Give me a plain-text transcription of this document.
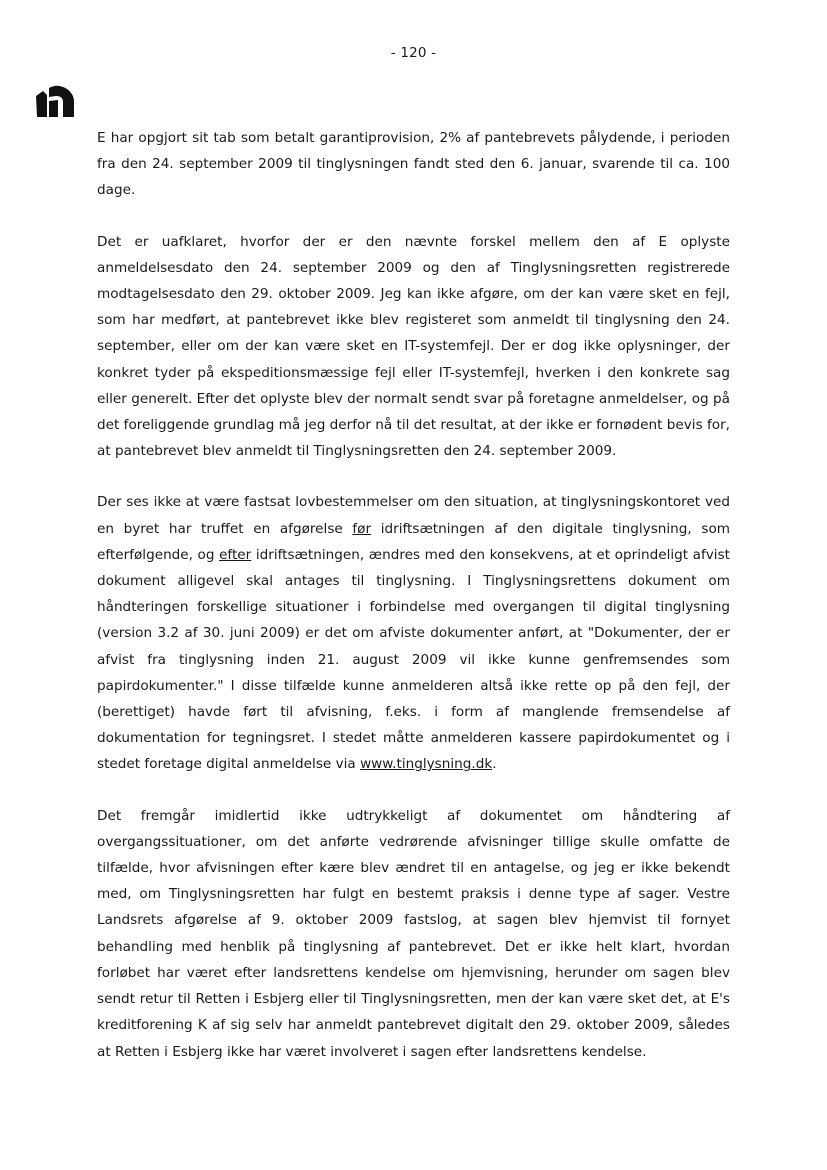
- 120 -

E har opgjort sit tab som betalt garantiprovision, 2% af pantebrevets pålydende, i perioden fra den 24. september 2009 til tinglysningen fandt sted den 6. januar, svarende til ca. 100 dage.

Det er uafklaret, hvorfor der er den nævnte forskel mellem den af E oplyste anmeldelsesdato den 24. september 2009 og den af Tinglysningsretten registrerede modtagelsesdato den 29. oktober 2009. Jeg kan ikke afgøre, om der kan være sket en fejl, som har medført, at pantebrevet ikke blev registeret som anmeldt til tinglysning den 24. september, eller om der kan være sket en IT-systemfejl. Der er dog ikke oplysninger, der konkret tyder på ekspeditionsmæssige fejl eller IT-systemfejl, hverken i den konkrete sag eller generelt. Efter det oplyste blev der normalt sendt svar på foretagne anmeldelser, og på det foreliggende grundlag må jeg derfor nå til det resultat, at der ikke er fornødent bevis for, at pantebrevet blev anmeldt til Tinglysningsretten den 24. september 2009.

Der ses ikke at være fastsat lovbestemmelser om den situation, at tinglysningskontoret ved en byret har truffet en afgørelse før idriftsætningen af den digitale tinglysning, som efterfølgende, og efter idriftsætningen, ændres med den konsekvens, at et oprindeligt afvist dokument alligevel skal antages til tinglysning. I Tinglysningsrettens dokument om håndteringen forskellige situationer i forbindelse med overgangen til digital tinglysning (version 3.2 af 30. juni 2009) er det om afviste dokumenter anført, at "Dokumenter, der er afvist fra tinglysning inden 21. august 2009 vil ikke kunne genfremsendes som papirdokumenter." I disse tilfælde kunne anmelderen altså ikke rette op på den fejl, der (berettiget) havde ført til afvisning, f.eks. i form af manglende fremsendelse af dokumentation for tegningsret. I stedet måtte anmelderen kassere papirdokumentet og i stedet foretage digital anmeldelse via www.tinglysning.dk.

Det fremgår imidlertid ikke udtrykkeligt af dokumentet om håndtering af overgangssituationer, om det anførte vedrørende afvisninger tillige skulle omfatte de tilfælde, hvor afvisningen efter kære blev ændret til en antagelse, og jeg er ikke bekendt med, om Tinglysningsretten har fulgt en bestemt praksis i denne type af sager. Vestre Landsrets afgørelse af 9. oktober 2009 fastslog, at sagen blev hjemvist til fornyet behandling med henblik på tinglysning af pantebrevet. Det er ikke helt klart, hvordan forløbet har været efter landsrettens kendelse om hjemvisning, herunder om sagen blev sendt retur til Retten i Esbjerg eller til Tinglysningsretten, men der kan være sket det, at E's kreditforening K af sig selv har anmeldt pantebrevet digitalt den 29. oktober 2009, således at Retten i Esbjerg ikke har været involveret i sagen efter landsrettens kendelse.
